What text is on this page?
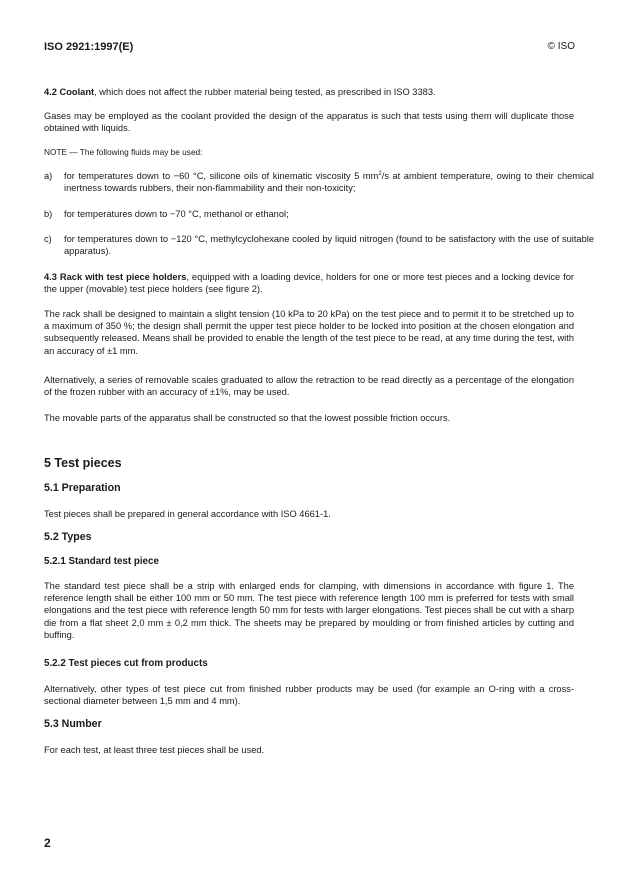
ISO 2921:1997(E)	© ISO
4.2 Coolant, which does not affect the rubber material being tested, as prescribed in ISO 3383.
Gases may be employed as the coolant provided the design of the apparatus is such that tests using them will duplicate those obtained with liquids.
NOTE — The following fluids may be used:
a) for temperatures down to −60 °C, silicone oils of kinematic viscosity 5 $mm^2/s$ at ambient temperature, owing to their chemical inertness towards rubbers, their non-flammability and their non-toxicity;
b) for temperatures down to −70 °C, methanol or ethanol;
c) for temperatures down to −120 °C, methylcyclohexane cooled by liquid nitrogen (found to be satisfactory with the use of suitable apparatus).
4.3 Rack with test piece holders, equipped with a loading device, holders for one or more test pieces and a locking device for the upper (movable) test piece holders (see figure 2).
The rack shall be designed to maintain a slight tension (10 kPa to 20 kPa) on the test piece and to permit it to be stretched up to a maximum of 350 %; the design shall permit the upper test piece holder to be locked into position at the chosen elongation and subsequently released. Means shall be provided to enable the length of the test piece to be read, at any time during the test, with an accuracy of ±1 mm.
Alternatively, a series of removable scales graduated to allow the retraction to be read directly as a percentage of the elongation of the frozen rubber with an accuracy of ±1%, may be used.
The movable parts of the apparatus shall be constructed so that the lowest possible friction occurs.
5 Test pieces
5.1 Preparation
Test pieces shall be prepared in general accordance with ISO 4661-1.
5.2 Types
5.2.1 Standard test piece
The standard test piece shall be a strip with enlarged ends for clamping, with dimensions in accordance with figure 1. The reference length shall be either 100 mm or 50 mm. The test piece with reference length 100 mm is preferred for tests with small elongations and the test piece with reference length 50 mm for tests with larger elongations. Test pieces shall be cut with a sharp die from a flat sheet 2,0 mm ± 0,2 mm thick. The sheets may be prepared by moulding or from finished articles by cutting and buffing.
5.2.2 Test pieces cut from products
Alternatively, other types of test piece cut from finished rubber products may be used (for example an O-ring with a cross-sectional diameter between 1,5 mm and 4 mm).
5.3 Number
For each test, at least three test pieces shall be used.
2
